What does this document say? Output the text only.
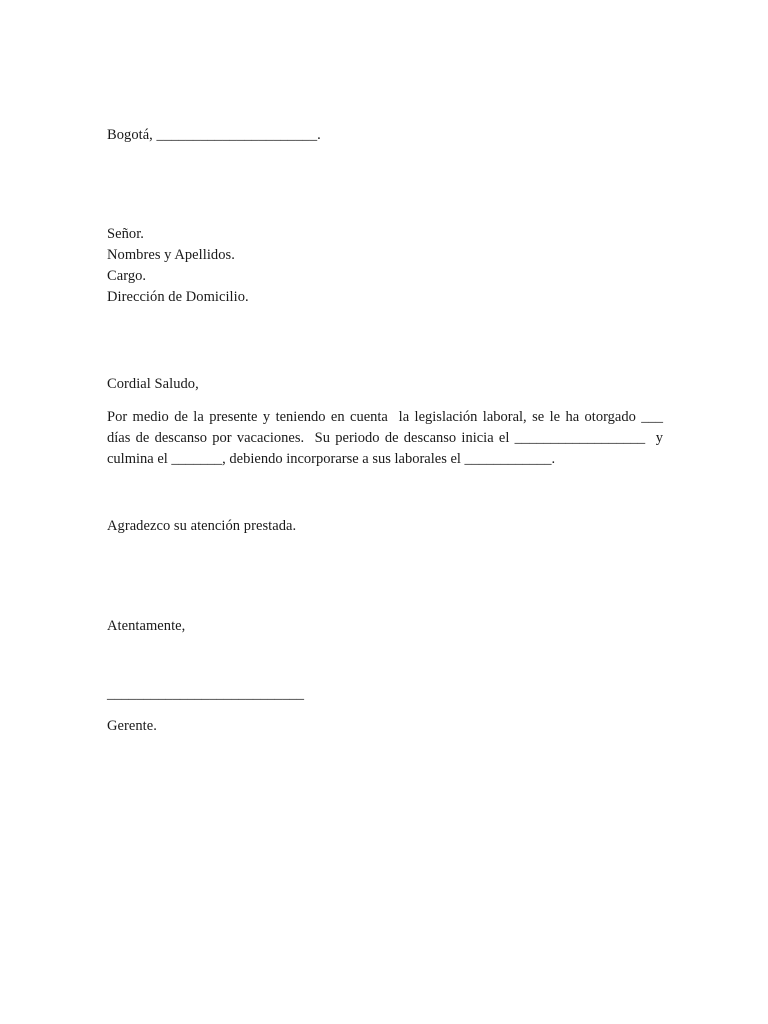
Bogotá, ______________________.
Señor.
Nombres y Apellidos.
Cargo.
Dirección de Domicilio.
Cordial Saludo,
Por medio de la presente y teniendo en cuenta  la legislación laboral, se le ha otorgado ___
días de descanso por vacaciones.  Su periodo de descanso inicia el __________________  y
culmina el _______, debiendo incorporarse a sus laborales el ____________.
Agradezco su atención prestada.
Atentamente,
___________________________
Gerente.
